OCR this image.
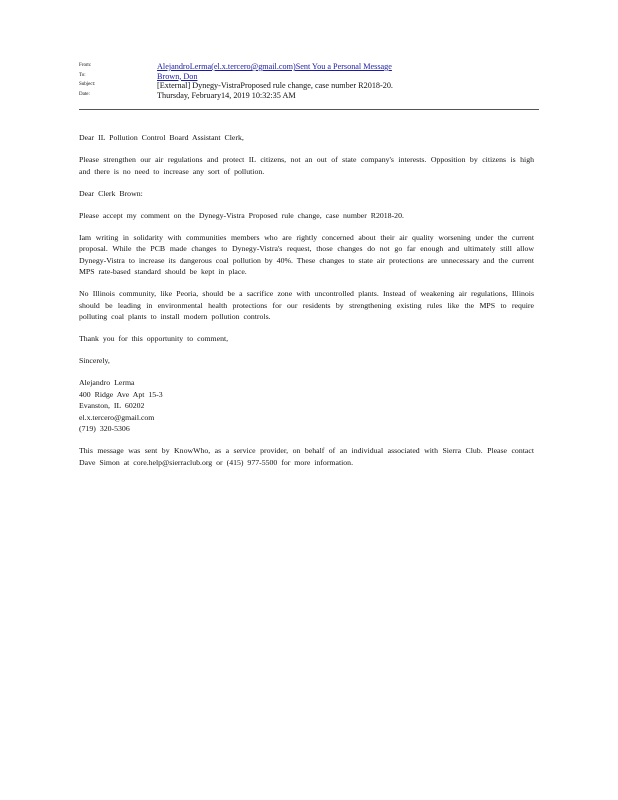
From:	AlejandroLerma(el.x.tercero@gmail.com)Sent You a Personal Message
To:	Brown, Don
Subject:	[External] Dynegy-VistraProposed rule change, case number R2018-20.
Date:	Thursday, February14, 2019 10:32:35 AM

Dear IL Pollution Control Board Assistant Clerk,

Please strengthen our air regulations and protect IL citizens, not an out of state company's interests. Opposition by citizens is high and there is no need to increase any sort of pollution.

Dear Clerk Brown:

Please accept my comment on the Dynegy-Vistra Proposed rule change, case number R2018-20.

Iam writing in solidarity with communities members who are rightly concerned about their air quality worsening under the current proposal. While the PCB made changes to Dynegy-Vistra's request, those changes do not go far enough and ultimately still allow Dynegy-Vistra to increase its dangerous coal pollution by 40%. These changes to state air protections are unnecessary and the current MPS rate-based standard should be kept in place.

No Illinois community, like Peoria, should be a sacrifice zone with uncontrolled plants. Instead of weakening air regulations, Illinois should be leading in environmental health protections for our residents by strengthening existing rules like the MPS to require polluting coal plants to install modern pollution controls.

Thank you for this opportunity to comment,

Sincerely,

Alejandro Lerma
400 Ridge Ave Apt 15-3
Evanston, IL 60202
el.x.tercero@gmail.com
(719) 320-5306

This message was sent by KnowWho, as a service provider, on behalf of an individual associated with Sierra Club. Please contact Dave Simon at core.help@sierraclub.org or (415) 977-5500 for more information.
